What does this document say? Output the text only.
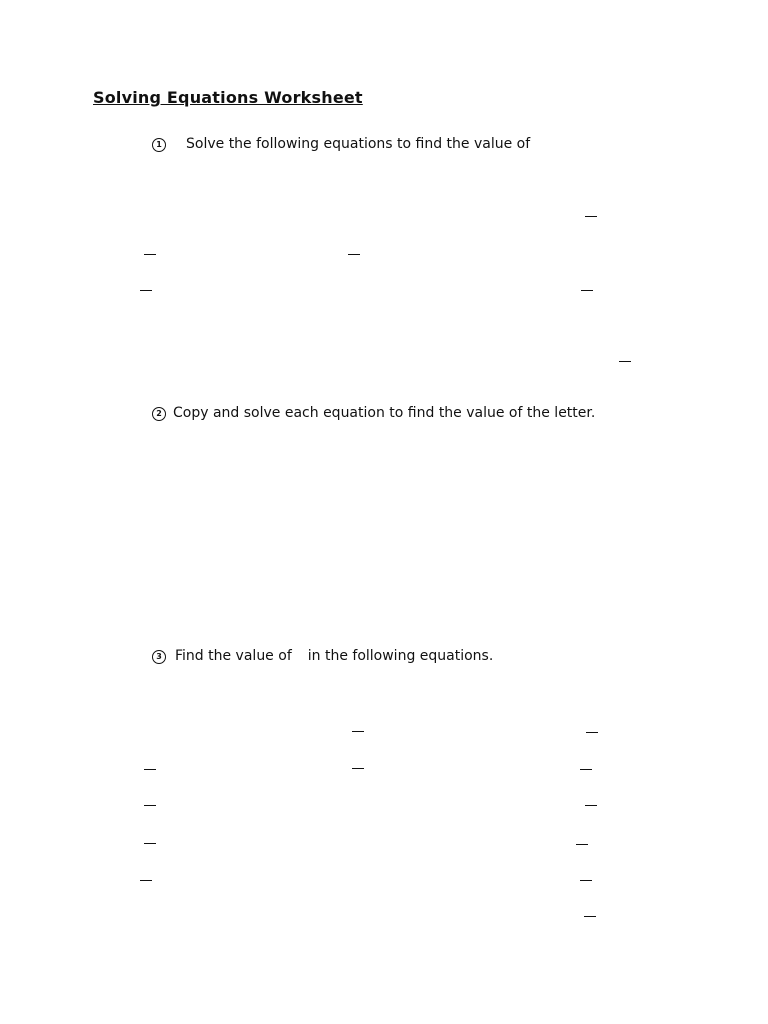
Solving Equations Worksheet
1 Solve the following equations to find the value of
2 Copy and solve each equation to find the value of the letter.
3 Find the value of in the following equations.
